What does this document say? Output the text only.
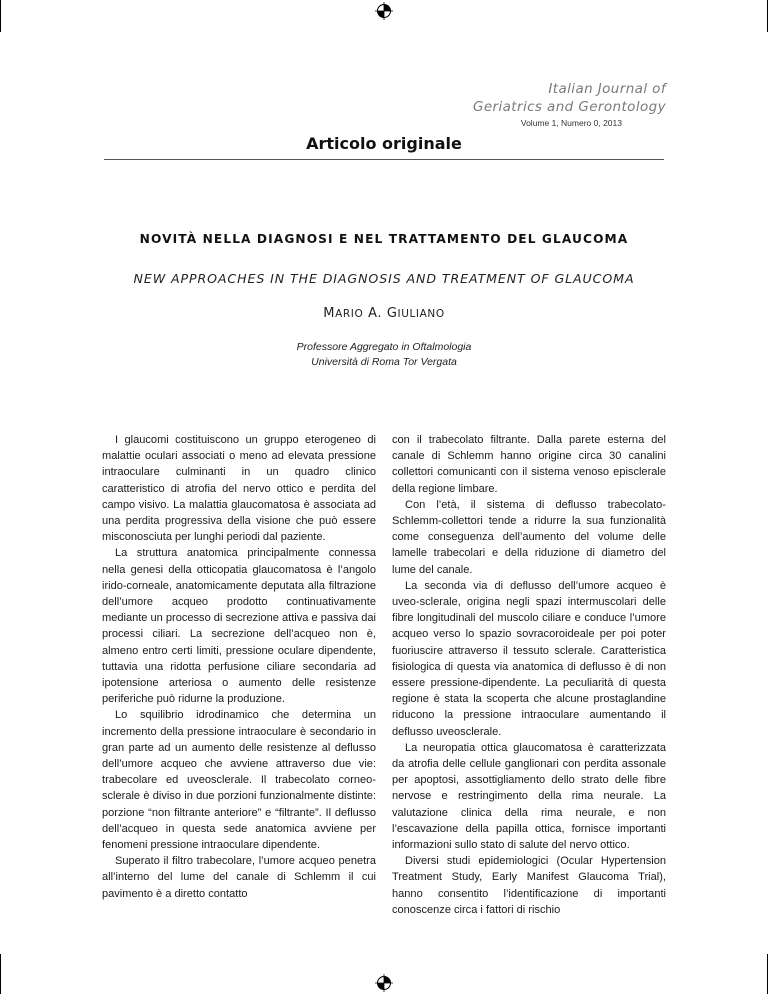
Italian Journal of
Geriatrics and Gerontology
Volume 1, Numero 0, 2013
Articolo originale
NOVITÀ NELLA DIAGNOSI E NEL TRATTAMENTO DEL GLAUCOMA
NEW APPROACHES IN THE DIAGNOSIS AND TREATMENT OF GLAUCOMA
MARIO A. GIULIANO
Professore Aggregato in Oftalmologia
Università di Roma Tor Vergata

I glaucomi costituiscono un gruppo eterogeneo di malattie oculari associati o meno ad elevata pressione intraoculare culminanti in un quadro clinico caratteristico di atrofia del nervo ottico e perdita del campo visivo. La malattia glaucomatosa è associata ad una perdita progressiva della visione che può essere misconosciuta per lunghi periodi dal paziente.

La struttura anatomica principalmente connessa nella genesi della otticopatia glaucomatosa è l’angolo irido-corneale, anatomicamente deputata alla filtrazione dell’umore acqueo prodotto continuativamente mediante un processo di secrezione attiva e passiva dai processi ciliari. La secrezione dell’acqueo non è, almeno entro certi limiti, pressione oculare dipendente, tuttavia una ridotta perfusione ciliare secondaria ad ipotensione arteriosa o aumento delle resistenze periferiche può ridurne la produzione.

Lo squilibrio idrodinamico che determina un incremento della pressione intraoculare è secondario in gran parte ad un aumento delle resistenze al deflusso dell’umore acqueo che avviene attraverso due vie: trabecolare ed uveosclerale. Il trabecolato corneo-sclerale è diviso in due porzioni funzionalmente distinte: porzione “non filtrante anteriore” e “filtrante”. Il deflusso dell’acqueo in questa sede anatomica avviene per fenomeni pressione intraoculare dipendente.

Superato il filtro trabecolare, l’umore acqueo penetra all’interno del lume del canale di Schlemm il cui pavimento è a diretto contatto

con il trabecolato filtrante. Dalla parete esterna del canale di Schlemm hanno origine circa 30 canalini collettori comunicanti con il sistema venoso episclerale della regione limbare.

Con l’età, il sistema di deflusso trabecolato-Schlemm-collettori tende a ridurre la sua funzionalità come conseguenza dell’aumento del volume delle lamelle trabecolari e della riduzione di diametro del lume del canale.

La seconda via di deflusso dell’umore acqueo è uveo-sclerale, origina negli spazi intermuscolari delle fibre longitudinali del muscolo ciliare e conduce l’umore acqueo verso lo spazio sovracoroideale per poi poter fuoriuscire attraverso il tessuto sclerale. Caratteristica fisiologica di questa via anatomica di deflusso è di non essere pressione-dipendente. La peculiarità di questa regione è stata la scoperta che alcune prostaglandine riducono la pressione intraoculare aumentando il deflusso uveosclerale.

La neuropatia ottica glaucomatosa è caratterizzata da atrofia delle cellule ganglionari con perdita assonale per apoptosi, assottigliamento dello strato delle fibre nervose e restringimento della rima neurale. La valutazione clinica della rima neurale, e non l’escavazione della papilla ottica, fornisce importanti informazioni sullo stato di salute del nervo ottico.

Diversi studi epidemiologici (Ocular Hypertension Treatment Study, Early Manifest Glaucoma Trial), hanno consentito l’identificazione di importanti conoscenze circa i fattori di rischio
